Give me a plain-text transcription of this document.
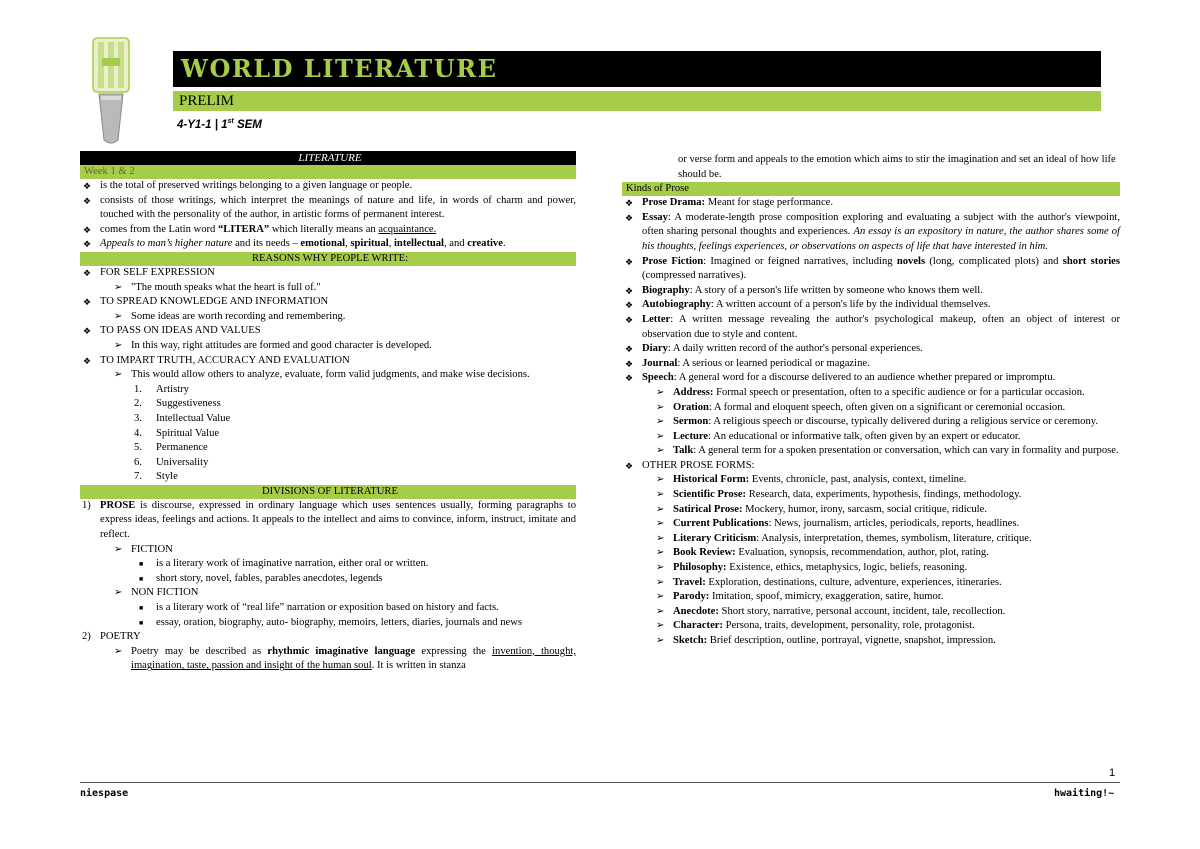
WORLD LITERATURE
PRELIM
4-Y1-1 | 1st SEM
LITERATURE
Week 1 & 2
❖ is the total of preserved writings belonging to a given language or people.
❖ consists of those writings, which interpret the meanings of nature and life, in words of charm and power, touched with the personality of the author, in artistic forms of permanent interest.
❖ comes from the Latin word “LITERA” which literally means an acquaintance.
❖ Appeals to man’s higher nature and its needs – emotional, spiritual, intellectual, and creative.
REASONS WHY PEOPLE WRITE:
❖ FOR SELF EXPRESSION
➢ "The mouth speaks what the heart is full of."
❖ TO SPREAD KNOWLEDGE AND INFORMATION
➢ Some ideas are worth recording and remembering.
❖ TO PASS ON IDEAS AND VALUES
➢ In this way, right attitudes are formed and good character is developed.
❖ TO IMPART TRUTH, ACCURACY AND EVALUATION
➢ This would allow others to analyze, evaluate, form valid judgments, and make wise decisions.
1.	Artistry
2.	Suggestiveness
3.	Intellectual Value
4.	Spiritual Value
5.	Permanence
6.	Universality
7.	Style
DIVISIONS OF LITERATURE
1) PROSE is discourse, expressed in ordinary language which uses sentences usually, forming paragraphs to express ideas, feelings and actions. It appeals to the intellect and aims to convince, inform, instruct, imitate and reflect.
➢ FICTION
■	is a literary work of imaginative narration, either oral or written.
■	short story, novel, fables, parables anecdotes, legends
➢ NON FICTION
■	is a literary work of “real life” narration or exposition based on history and facts.
■	essay, oration, biography, auto- biography, memoirs, letters, diaries, journals and news
2) POETRY
➢ Poetry may be described as rhythmic imaginative language expressing the invention, thought, imagination, taste, passion and insight of the human soul. It is written in stanza
or verse form and appeals to the emotion which aims to stir the imagination and set an ideal of how life should be.
Kinds of Prose
❖ Prose Drama: Meant for stage performance.
❖ Essay: A moderate-length prose composition exploring and evaluating a subject with the author's viewpoint, often sharing personal thoughts and experiences. An essay is an expository in nature, the author shares some of his thoughts, feelings experiences, or observations on aspects of life that have interested in him.
❖ Prose Fiction: Imagined or feigned narratives, including novels (long, complicated plots) and short stories (compressed narratives).
❖ Biography: A story of a person's life written by someone who knows them well.
❖ Autobiography: A written account of a person's life by the individual themselves.
❖ Letter: A written message revealing the author's psychological makeup, often an object of interest or observation due to style and content.
❖ Diary: A daily written record of the author's personal experiences.
❖ Journal: A serious or learned periodical or magazine.
❖ Speech: A general word for a discourse delivered to an audience whether prepared or impromptu.
➢ Address: Formal speech or presentation, often to a specific audience or for a particular occasion.
➢ Oration: A formal and eloquent speech, often given on a significant or ceremonial occasion.
➢ Sermon: A religious speech or discourse, typically delivered during a religious service or ceremony.
➢ Lecture: An educational or informative talk, often given by an expert or educator.
➢ Talk: A general term for a spoken presentation or conversation, which can vary in formality and purpose.
❖ OTHER PROSE FORMS:
➢ Historical Form: Events, chronicle, past, analysis, context, timeline.
➢ Scientific Prose: Research, data, experiments, hypothesis, findings, methodology.
➢ Satirical Prose: Mockery, humor, irony, sarcasm, social critique, ridicule.
➢ Current Publications: News, journalism, articles, periodicals, reports, headlines.
➢ Literary Criticism: Analysis, interpretation, themes, symbolism, literature, critique.
➢ Book Review: Evaluation, synopsis, recommendation, author, plot, rating.
➢ Philosophy: Existence, ethics, metaphysics, logic, beliefs, reasoning.
➢ Travel: Exploration, destinations, culture, adventure, experiences, itineraries.
➢ Parody: Imitation, spoof, mimicry, exaggeration, satire, humor.
➢ Anecdote: Short story, narrative, personal account, incident, tale, recollection.
➢ Character: Persona, traits, development, personality, role, protagonist.
➢ Sketch: Brief description, outline, portrayal, vignette, snapshot, impression.
1
niespase	hwaiting!~
